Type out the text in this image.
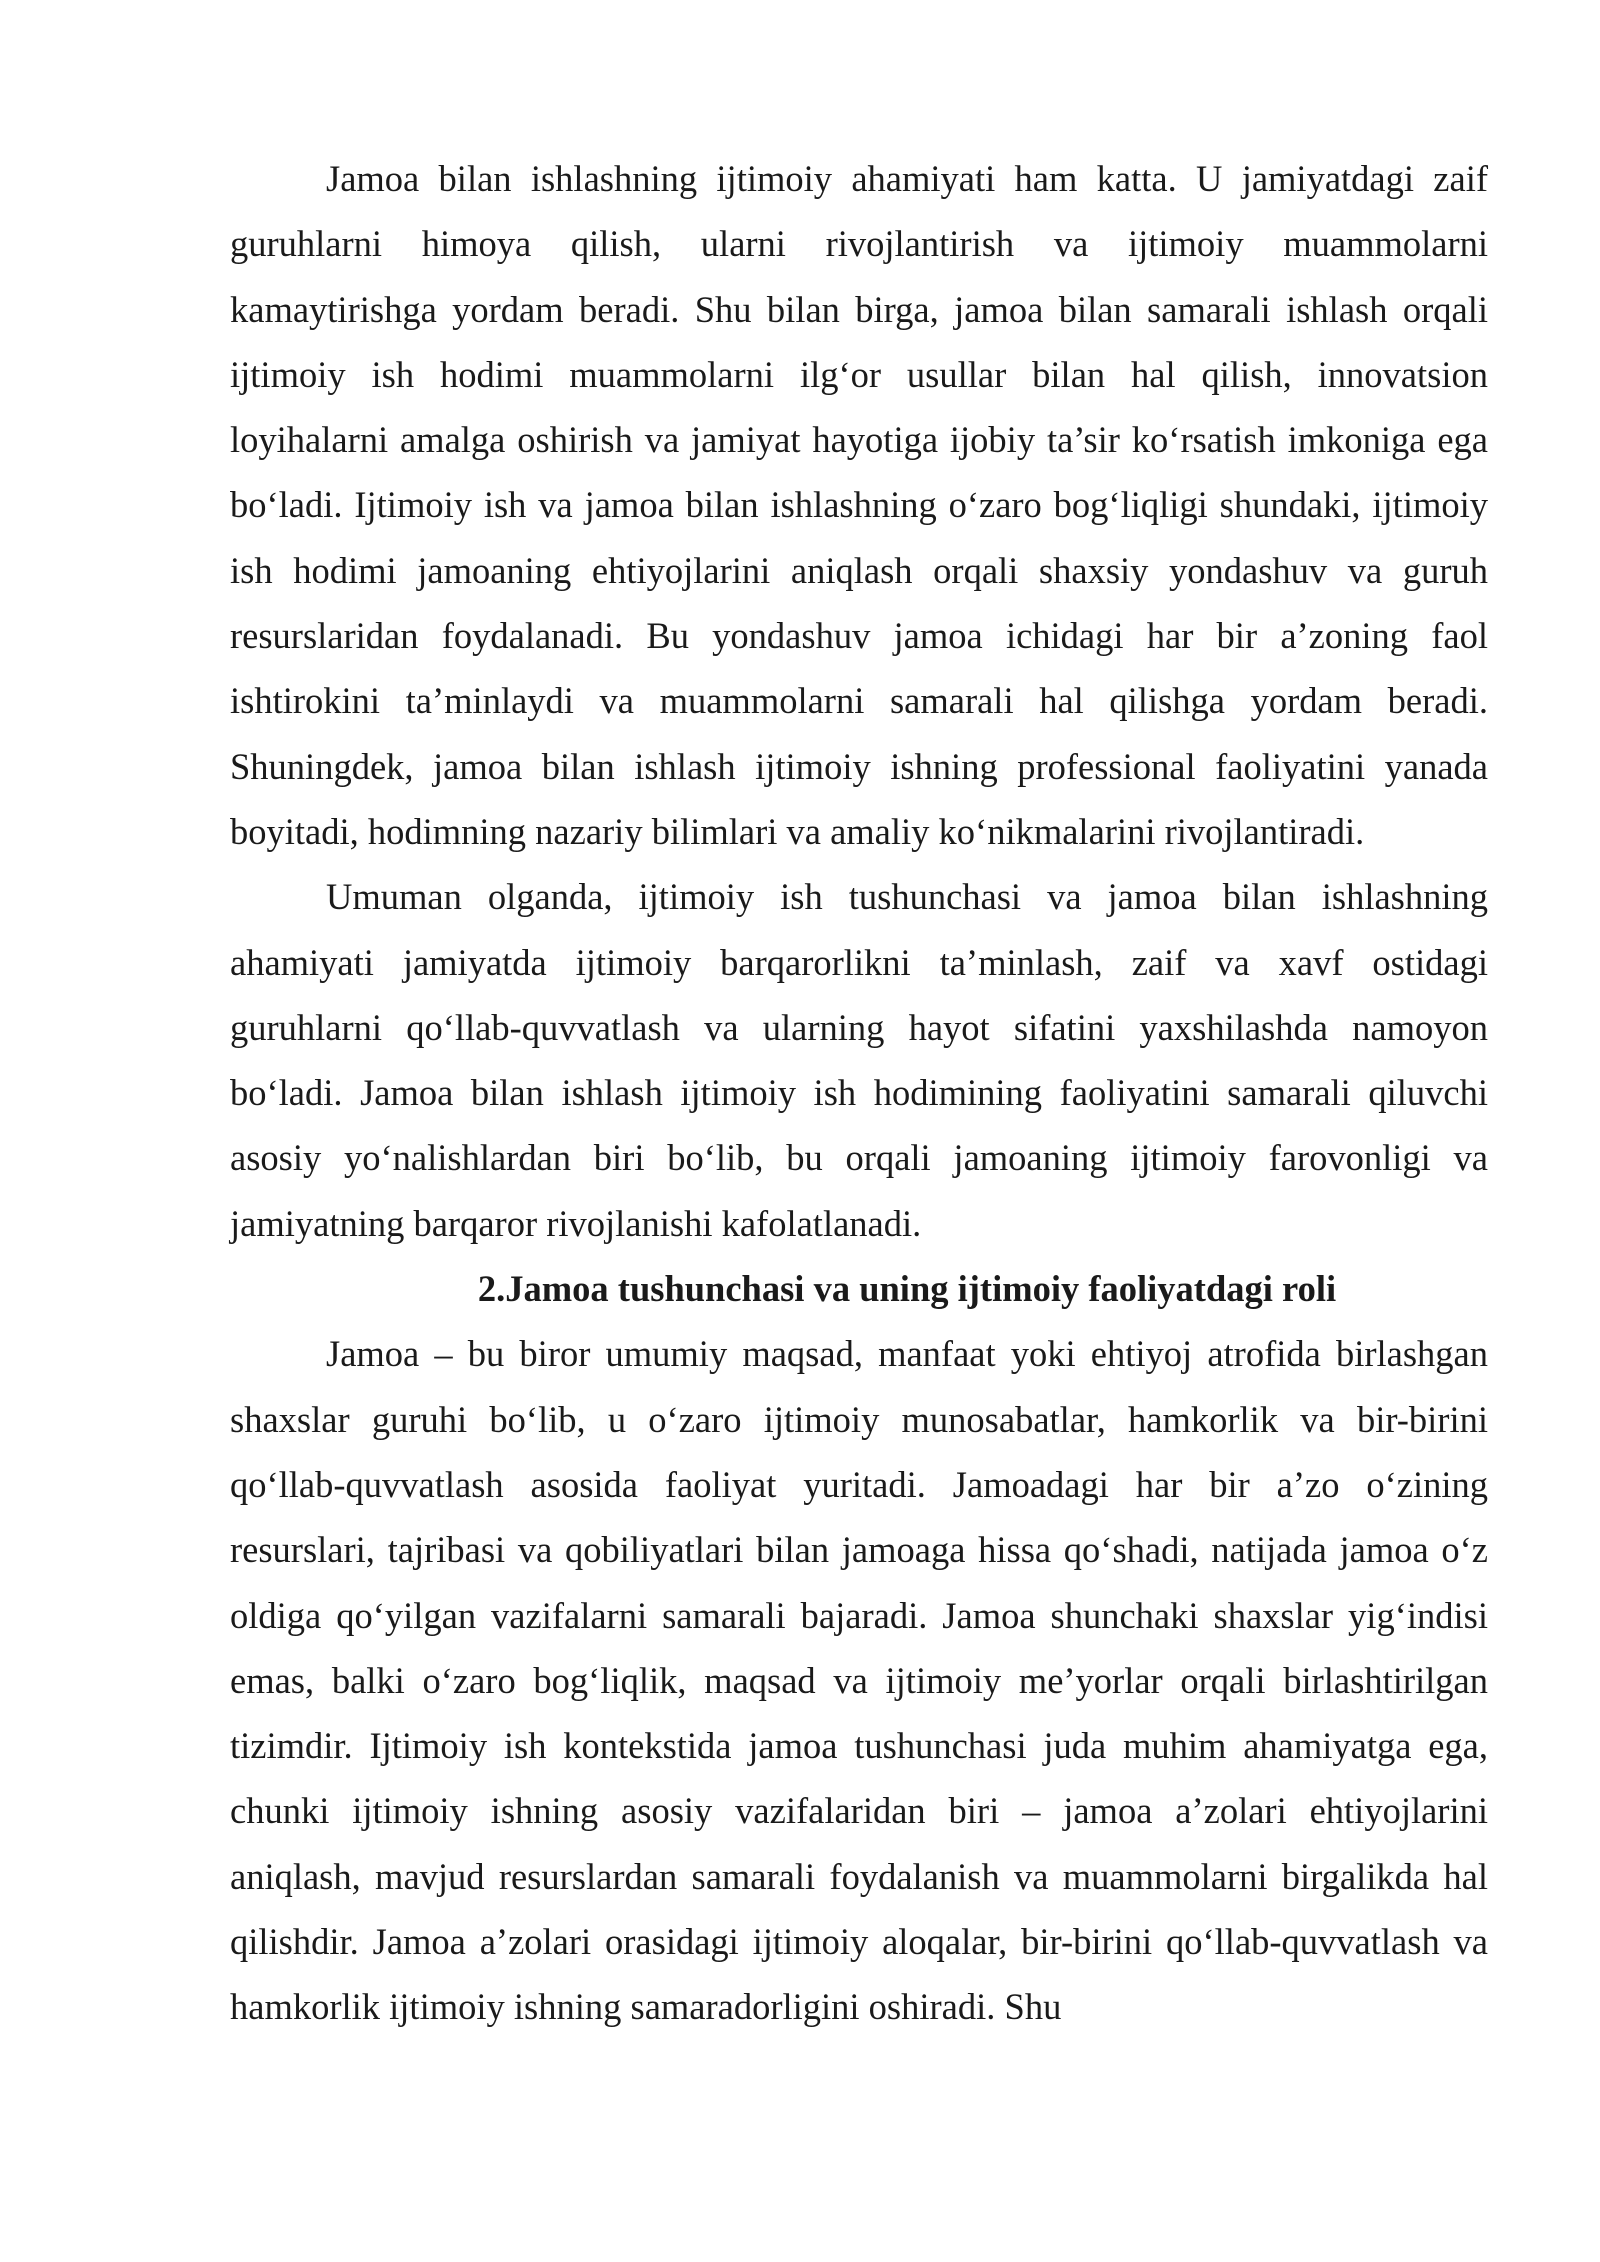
Jamoa bilan ishlashning ijtimoiy ahamiyati ham katta. U jamiyatdagi zaif guruhlarni himoya qilish, ularni rivojlantirish va ijtimoiy muammolarni kamaytirishga yordam beradi. Shu bilan birga, jamoa bilan samarali ishlash orqali ijtimoiy ish hodimi muammolarni ilg‘or usullar bilan hal qilish, innovatsion loyihalarni amalga oshirish va jamiyat hayotiga ijobiy ta’sir ko‘rsatish imkoniga ega bo‘ladi. Ijtimoiy ish va jamoa bilan ishlashning o‘zaro bog‘liqligi shundaki, ijtimoiy ish hodimi jamoaning ehtiyojlarini aniqlash orqali shaxsiy yondashuv va guruh resurslaridan foydalanadi. Bu yondashuv jamoa ichidagi har bir a’zoning faol ishtirokini ta’minlaydi va muammolarni samarali hal qilishga yordam beradi. Shuningdek, jamoa bilan ishlash ijtimoiy ishning professional faoliyatini yanada boyitadi, hodimning nazariy bilimlari va amaliy ko‘nikmalarini rivojlantiradi.

Umuman olganda, ijtimoiy ish tushunchasi va jamoa bilan ishlashning ahamiyati jamiyatda ijtimoiy barqarorlikni ta’minlash, zaif va xavf ostidagi guruhlarni qo‘llab-quvvatlash va ularning hayot sifatini yaxshilashda namoyon bo‘ladi. Jamoa bilan ishlash ijtimoiy ish hodimining faoliyatini samarali qiluvchi asosiy yo‘nalishlardan biri bo‘lib, bu orqali jamoaning ijtimoiy farovonligi va jamiyatning barqaror rivojlanishi kafolatlanadi.

2.Jamoa tushunchasi va uning ijtimoiy faoliyatdagi roli

Jamoa – bu biror umumiy maqsad, manfaat yoki ehtiyoj atrofida birlashgan shaxslar guruhi bo‘lib, u o‘zaro ijtimoiy munosabatlar, hamkorlik va bir-birini qo‘llab-quvvatlash asosida faoliyat yuritadi. Jamoadagi har bir a’zo o‘zining resurslari, tajribasi va qobiliyatlari bilan jamoaga hissa qo‘shadi, natijada jamoa o‘z oldiga qo‘yilgan vazifalarni samarali bajaradi. Jamoa shunchaki shaxslar yig‘indisi emas, balki o‘zaro bog‘liqlik, maqsad va ijtimoiy me’yorlar orqali birlashtirilgan tizimdir. Ijtimoiy ish kontekstida jamoa tushunchasi juda muhim ahamiyatga ega, chunki ijtimoiy ishning asosiy vazifalaridan biri – jamoa a’zolari ehtiyojlarini aniqlash, mavjud resurslardan samarali foydalanish va muammolarni birgalikda hal qilishdir. Jamoa a’zolari orasidagi ijtimoiy aloqalar, bir-birini qo‘llab-quvvatlash va hamkorlik ijtimoiy ishning samaradorligini oshiradi. Shu
